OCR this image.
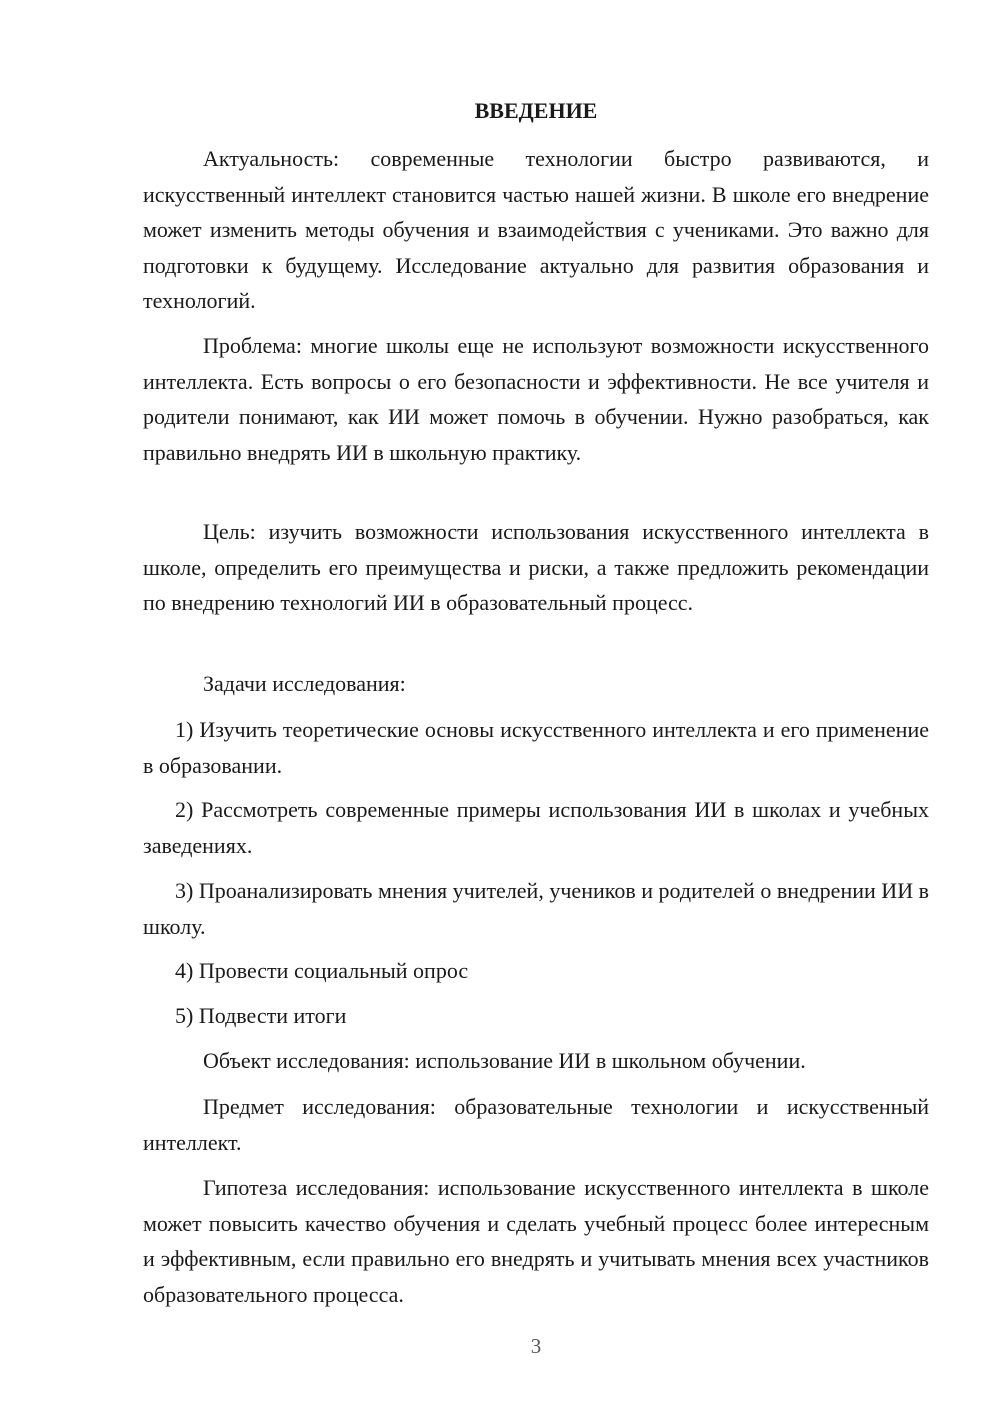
ВВЕДЕНИЕ

Актуальность: современные технологии быстро развиваются, и искусственный интеллект становится частью нашей жизни. В школе его внедрение может изменить методы обучения и взаимодействия с учениками. Это важно для подготовки к будущему. Исследование актуально для развития образования и технологий.

Проблема: многие школы еще не используют возможности искусственного интеллекта. Есть вопросы о его безопасности и эффективности. Не все учителя и родители понимают, как ИИ может помочь в обучении. Нужно разобраться, как правильно внедрять ИИ в школьную практику.

Цель: изучить возможности использования искусственного интеллекта в школе, определить его преимущества и риски, а также предложить рекомендации по внедрению технологий ИИ в образовательный процесс.

Задачи исследования:

1) Изучить теоретические основы искусственного интеллекта и его применение в образовании.

2) Рассмотреть современные примеры использования ИИ в школах и учебных заведениях.

3) Проанализировать мнения учителей, учеников и родителей о внедрении ИИ в школу.

4) Провести социальный опрос

5) Подвести итоги

Объект исследования: использование ИИ в школьном обучении.

Предмет исследования: образовательные технологии и искусственный интеллект.

Гипотеза исследования: использование искусственного интеллекта в школе может повысить качество обучения и сделать учебный процесс более интересным и эффективным, если правильно его внедрять и учитывать мнения всех участников образовательного процесса.

3
